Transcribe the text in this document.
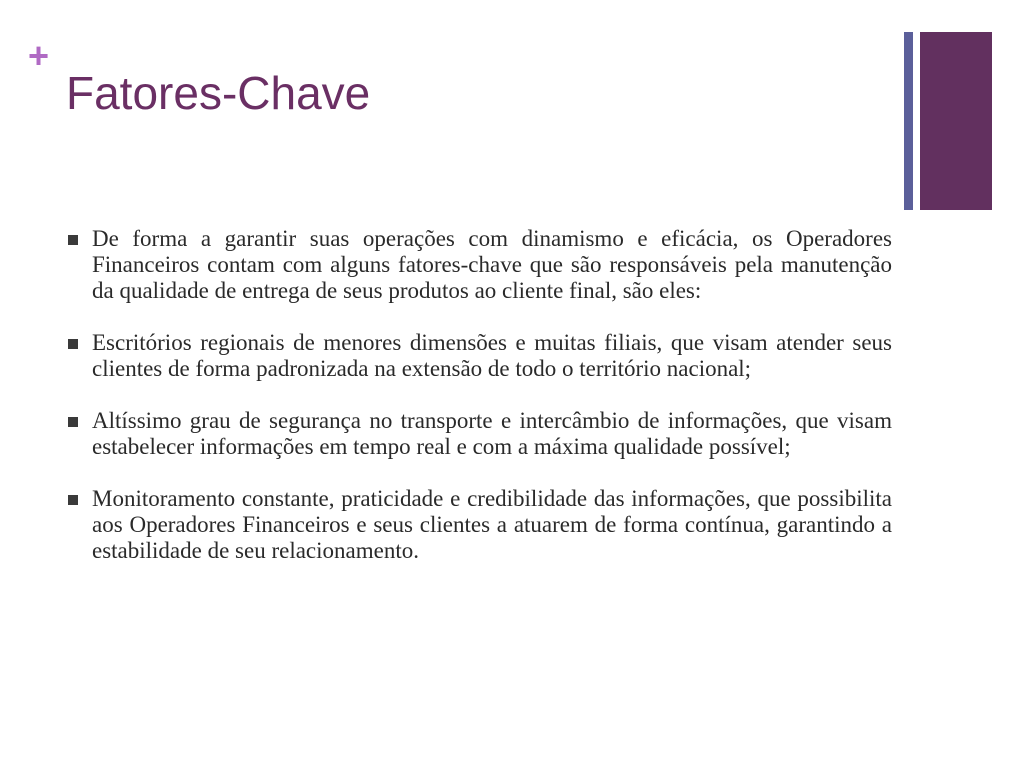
+
Fatores-Chave
De forma a garantir suas operações com dinamismo e eficácia, os Operadores Financeiros contam com alguns fatores-chave que são responsáveis pela manutenção da qualidade de entrega de seus produtos ao cliente final, são eles:
Escritórios regionais de menores dimensões e muitas filiais, que visam atender seus clientes de forma padronizada na extensão de todo o território nacional;
Altíssimo grau de segurança no transporte e intercâmbio de informações, que visam estabelecer informações em tempo real e com a máxima qualidade possível;
Monitoramento constante, praticidade e credibilidade das informações, que possibilita aos Operadores Financeiros e seus clientes a atuarem de forma contínua, garantindo a estabilidade de seu relacionamento.
